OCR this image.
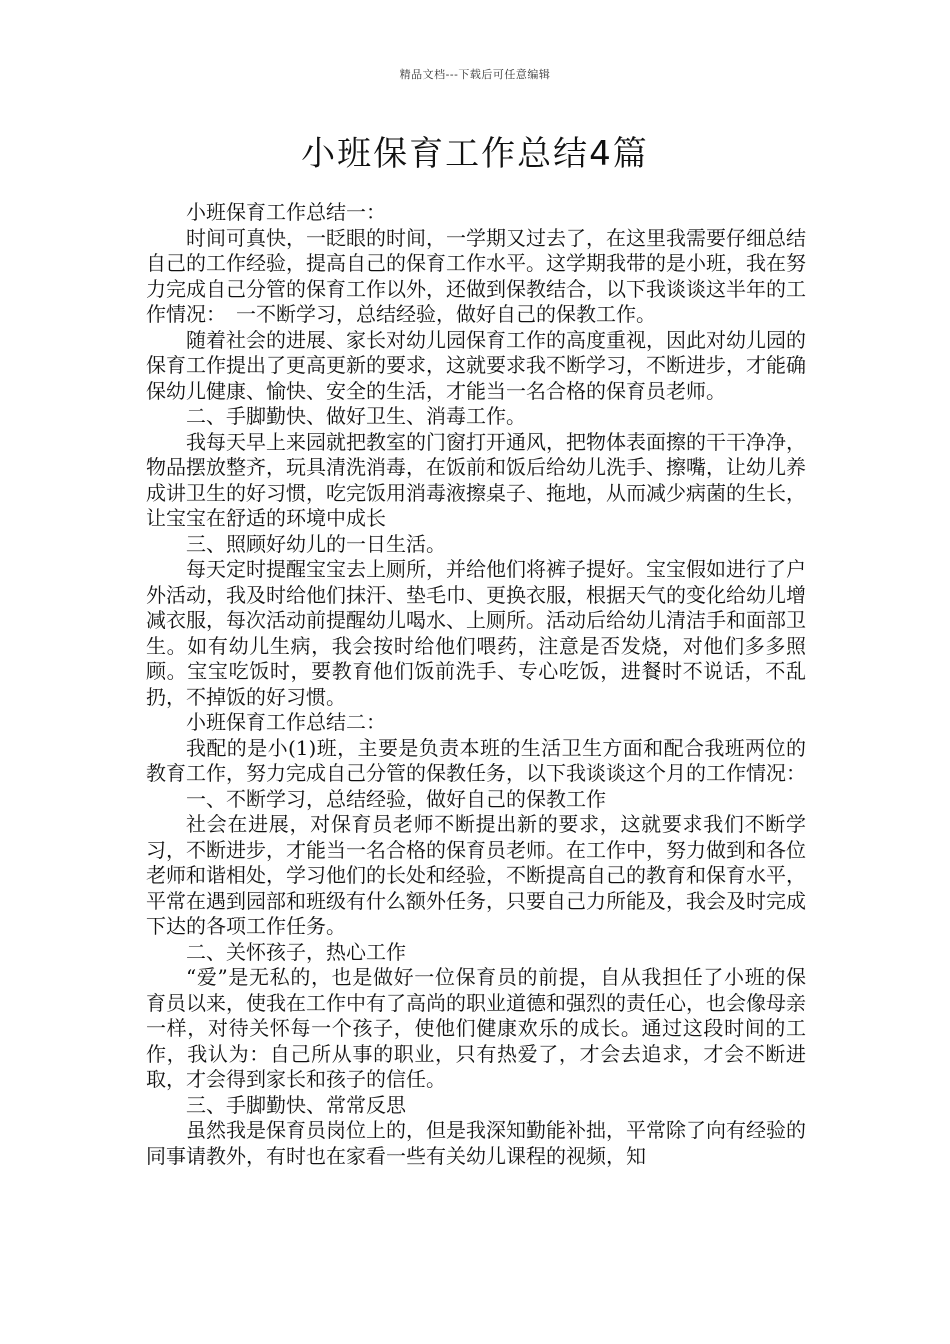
精品文档---下载后可任意编辑
小班保育工作总结4篇

小班保育工作总结一：

时间可真快，一眨眼的时间，一学期又过去了，在这里我需要仔细总结自己的工作经验，提高自己的保育工作水平。这学期我带的是小班，我在努力完成自己分管的保育工作以外，还做到保教结合，以下我谈谈这半年的工作情况：　一不断学习，总结经验，做好自己的保教工作。

随着社会的进展、家长对幼儿园保育工作的高度重视，因此对幼儿园的保育工作提出了更高更新的要求，这就要求我不断学习，不断进步，才能确保幼儿健康、愉快、安全的生活，才能当一名合格的保育员老师。

二、手脚勤快、做好卫生、消毒工作。

我每天早上来园就把教室的门窗打开通风，把物体表面擦的干干净净，物品摆放整齐，玩具清洗消毒，在饭前和饭后给幼儿洗手、擦嘴，让幼儿养成讲卫生的好习惯，吃完饭用消毒液擦桌子、拖地，从而减少病菌的生长，让宝宝在舒适的环境中成长

三、照顾好幼儿的一日生活。

每天定时提醒宝宝去上厕所，并给他们将裤子提好。宝宝假如进行了户外活动，我及时给他们抹汗、垫毛巾、更换衣服，根据天气的变化给幼儿增减衣服，每次活动前提醒幼儿喝水、上厕所。活动后给幼儿清洁手和面部卫生。如有幼儿生病，我会按时给他们喂药，注意是否发烧，对他们多多照顾。宝宝吃饭时，要教育他们饭前洗手、专心吃饭，进餐时不说话，不乱扔，不掉饭的好习惯。

小班保育工作总结二：

我配的是小(1)班，主要是负责本班的生活卫生方面和配合我班两位的教育工作，努力完成自己分管的保教任务，以下我谈谈这个月的工作情况：

一、不断学习，总结经验，做好自己的保教工作

社会在进展，对保育员老师不断提出新的要求，这就要求我们不断学习，不断进步，才能当一名合格的保育员老师。在工作中，努力做到和各位老师和谐相处，学习他们的长处和经验，不断提高自己的教育和保育水平，平常在遇到园部和班级有什么额外任务，只要自己力所能及，我会及时完成下达的各项工作任务。

二、关怀孩子，热心工作

“爱”是无私的，也是做好一位保育员的前提，自从我担任了小班的保育员以来，使我在工作中有了高尚的职业道德和强烈的责任心，也会像母亲一样，对待关怀每一个孩子，使他们健康欢乐的成长。通过这段时间的工作，我认为：自己所从事的职业，只有热爱了，才会去追求，才会不断进取，才会得到家长和孩子的信任。

三、手脚勤快、常常反思

虽然我是保育员岗位上的，但是我深知勤能补拙，平常除了向有经验的同事请教外，有时也在家看一些有关幼儿课程的视频，知
